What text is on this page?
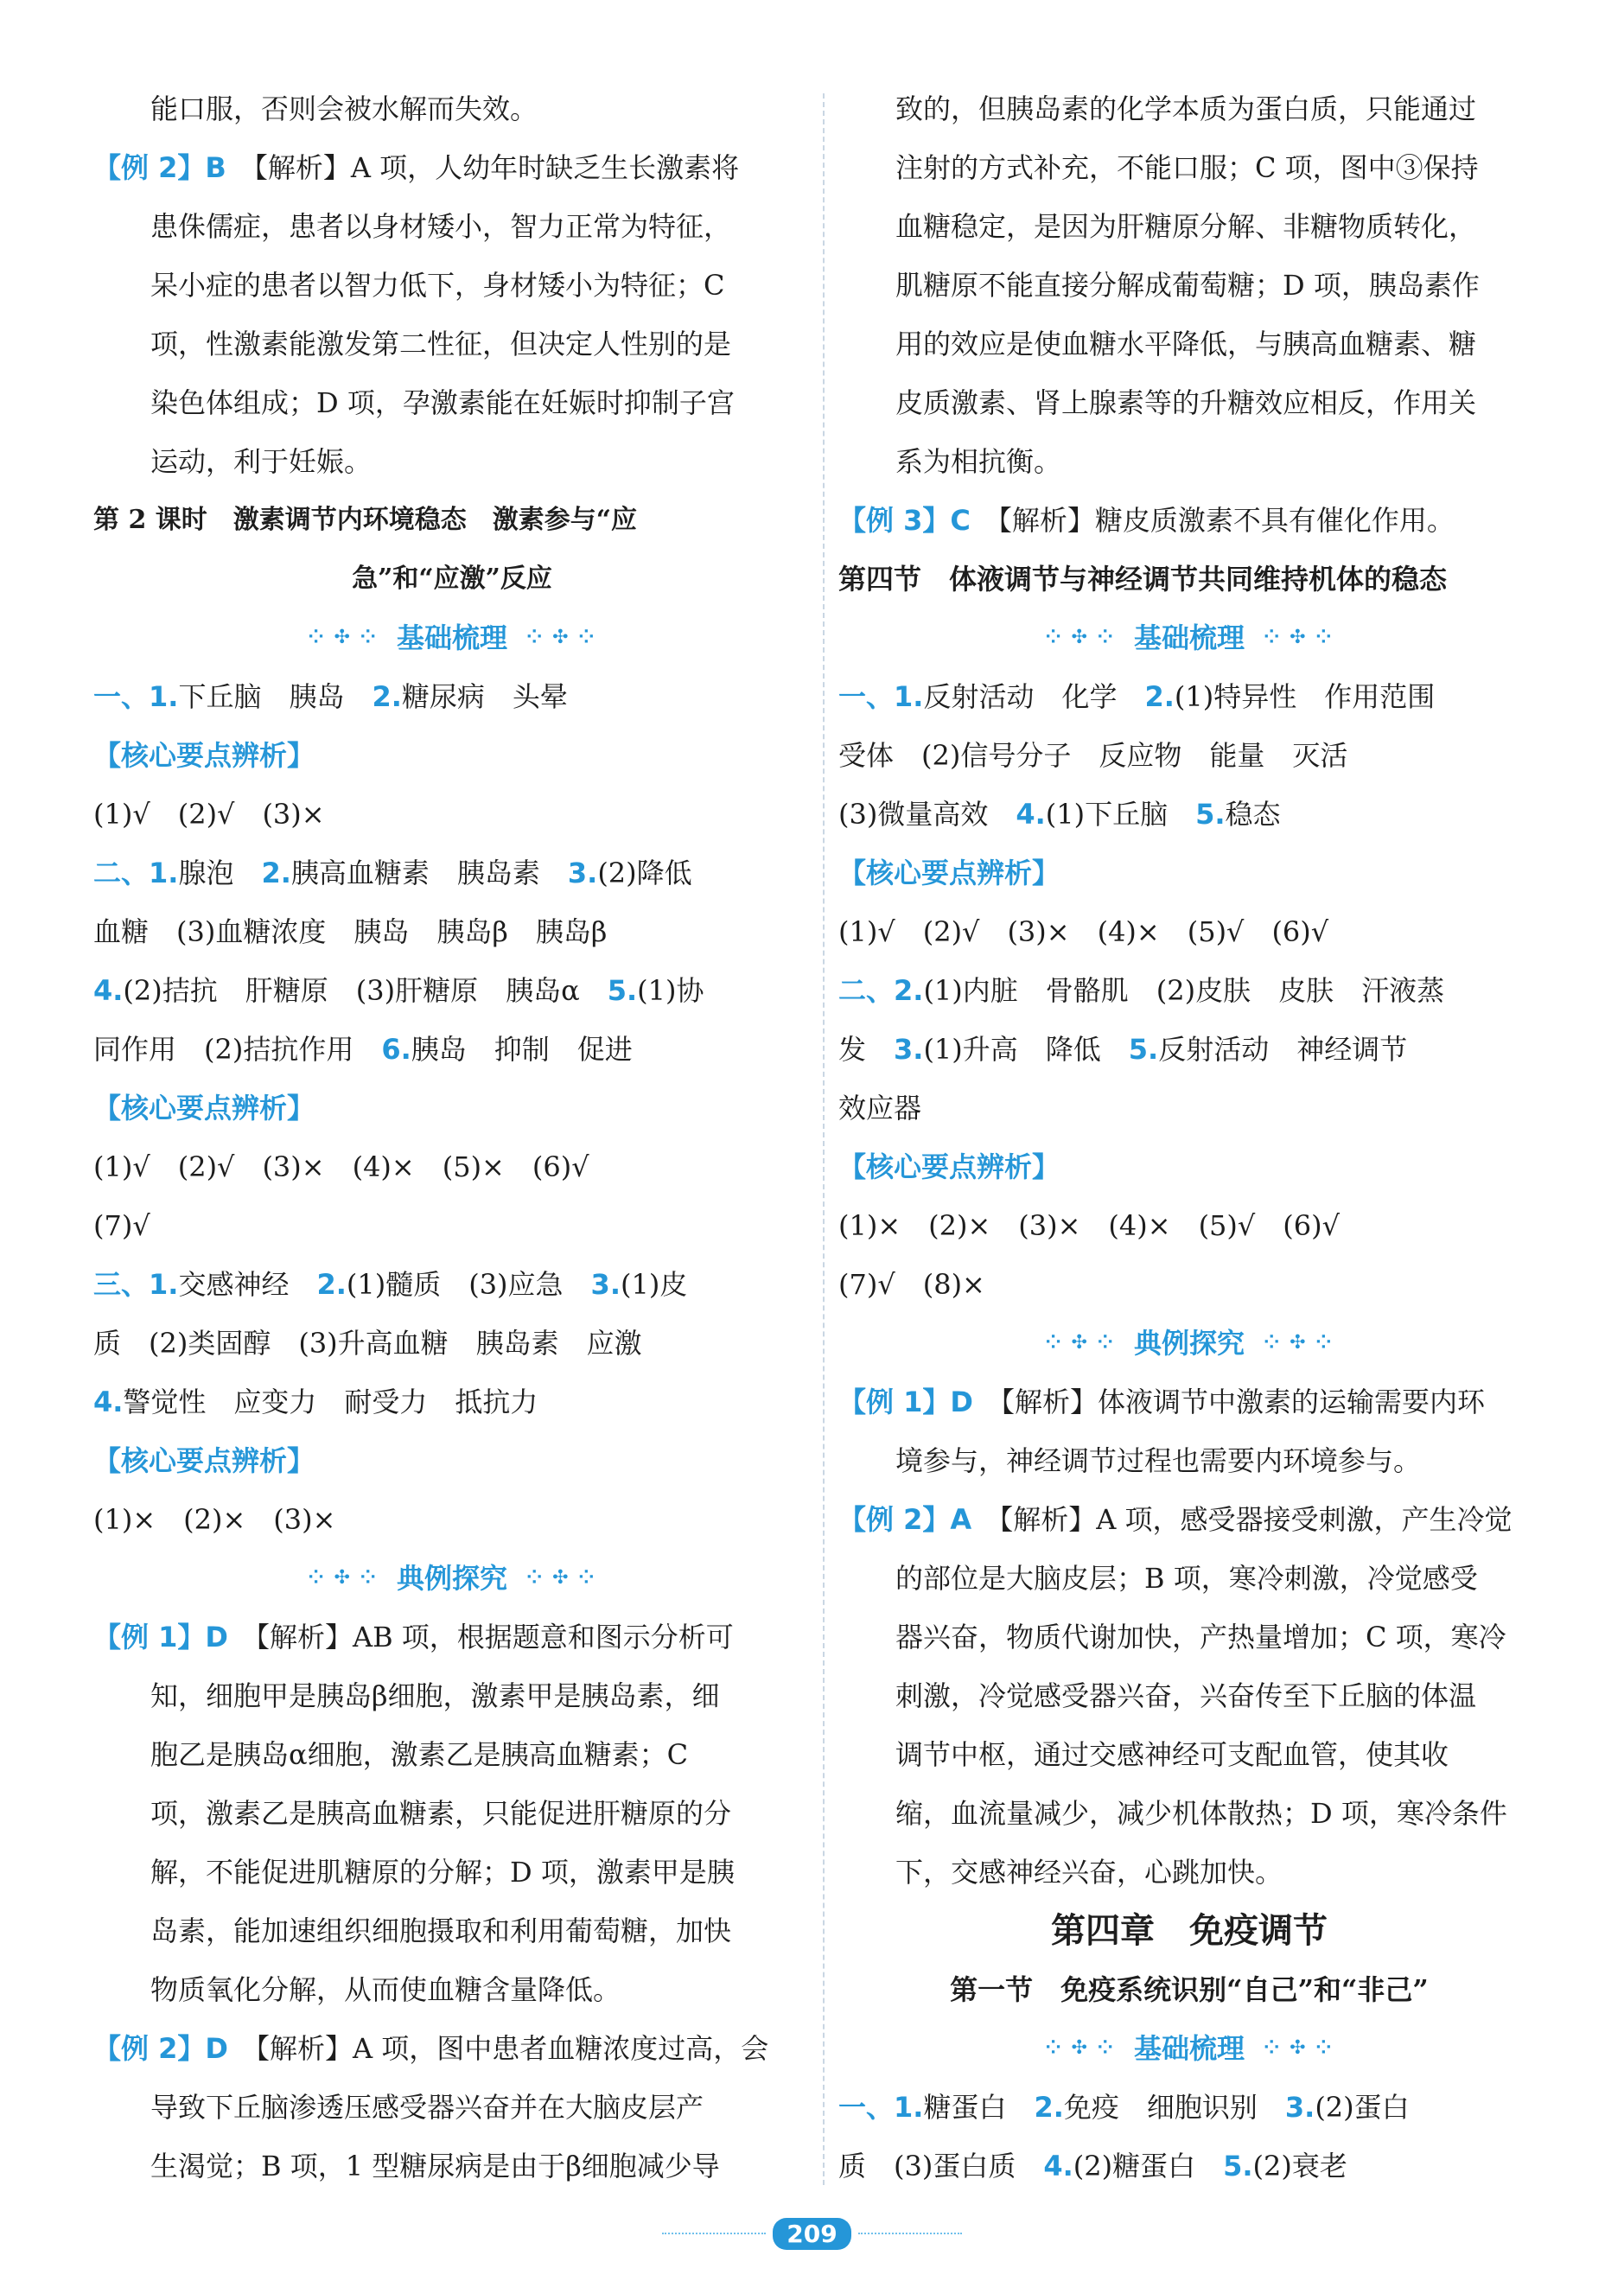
能口服，否则会被水解而失效。
【例 2】B　 【解析】A 项，人幼年时缺乏生长激素将
患侏儒症，患者以身材矮小，智力正常为特征，
呆小症的患者以智力低下，身材矮小为特征；C
项，性激素能激发第二性征，但决定人性别的是
染色体组成；D 项，孕激素能在妊娠时抑制子宫
运动，利于妊娠。
第 2 课时　激素调节内环境稳态　激素参与“应
急”和“应激”反应
⁘ ✣ ⁘ 基础梳理 ⁘ ✣ ⁘
一、1.下丘脑　胰岛　2.糖尿病　头晕
【核心要点辨析】
(1)√　(2)√　(3)×
二、1.腺泡　2.胰高血糖素　胰岛素　3.(2)降低
血糖　(3)血糖浓度　胰岛　胰岛β　胰岛β
4.(2)拮抗　肝糖原　(3)肝糖原　胰岛α　5.(1)协
同作用　(2)拮抗作用　6.胰岛　抑制　促进
【核心要点辨析】
(1)√　(2)√　(3)×　(4)×　(5)×　(6)√
(7)√
三、1.交感神经　2.(1)髓质　(3)应急　3.(1)皮
质　(2)类固醇　(3)升高血糖　胰岛素　应激
4.警觉性　应变力　耐受力　抵抗力
【核心要点辨析】
(1)×　(2)×　(3)×
⁘ ✣ ⁘ 典例探究 ⁘ ✣ ⁘
【例 1】D　 【解析】AB 项，根据题意和图示分析可
知，细胞甲是胰岛β细胞，激素甲是胰岛素，细
胞乙是胰岛α细胞，激素乙是胰高血糖素；C
项，激素乙是胰高血糖素，只能促进肝糖原的分
解，不能促进肌糖原的分解；D 项，激素甲是胰
岛素，能加速组织细胞摄取和利用葡萄糖，加快
物质氧化分解，从而使血糖含量降低。
【例 2】D　 【解析】A 项，图中患者血糖浓度过高，会
导致下丘脑渗透压感受器兴奋并在大脑皮层产
生渴觉；B 项，1 型糖尿病是由于β细胞减少导
致的，但胰岛素的化学本质为蛋白质，只能通过
注射的方式补充，不能口服；C 项，图中③保持
血糖稳定，是因为肝糖原分解、非糖物质转化，
肌糖原不能直接分解成葡萄糖；D 项，胰岛素作
用的效应是使血糖水平降低，与胰高血糖素、糖
皮质激素、肾上腺素等的升糖效应相反，作用关
系为相抗衡。
【例 3】C　 【解析】糖皮质激素不具有催化作用。
第四节　体液调节与神经调节共同维持机体的稳态
⁘ ✣ ⁘ 基础梳理 ⁘ ✣ ⁘
一、1.反射活动　化学　2.(1)特异性　作用范围
受体　(2)信号分子　反应物　能量　灭活
(3)微量高效　4.(1)下丘脑　5.稳态
【核心要点辨析】
(1)√　(2)√　(3)×　(4)×　(5)√　(6)√
二、2.(1)内脏　骨骼肌　(2)皮肤　皮肤　汗液蒸
发　3.(1)升高　降低　5.反射活动　神经调节
效应器
【核心要点辨析】
(1)×　(2)×　(3)×　(4)×　(5)√　(6)√
(7)√　(8)×
⁘ ✣ ⁘ 典例探究 ⁘ ✣ ⁘
【例 1】D　 【解析】体液调节中激素的运输需要内环
境参与，神经调节过程也需要内环境参与。
【例 2】A　 【解析】A 项，感受器接受刺激，产生冷觉
的部位是大脑皮层；B 项，寒冷刺激，冷觉感受
器兴奋，物质代谢加快，产热量增加；C 项，寒冷
刺激，冷觉感受器兴奋，兴奋传至下丘脑的体温
调节中枢，通过交感神经可支配血管，使其收
缩，血流量减少，减少机体散热；D 项，寒冷条件
下，交感神经兴奋，心跳加快。
第四章　免疫调节
第一节　免疫系统识别“自己”和“非己”
⁘ ✣ ⁘ 基础梳理 ⁘ ✣ ⁘
一、1.糖蛋白　2.免疫　细胞识别　3.(2)蛋白
质　(3)蛋白质　4.(2)糖蛋白　5.(2)衰老
209
